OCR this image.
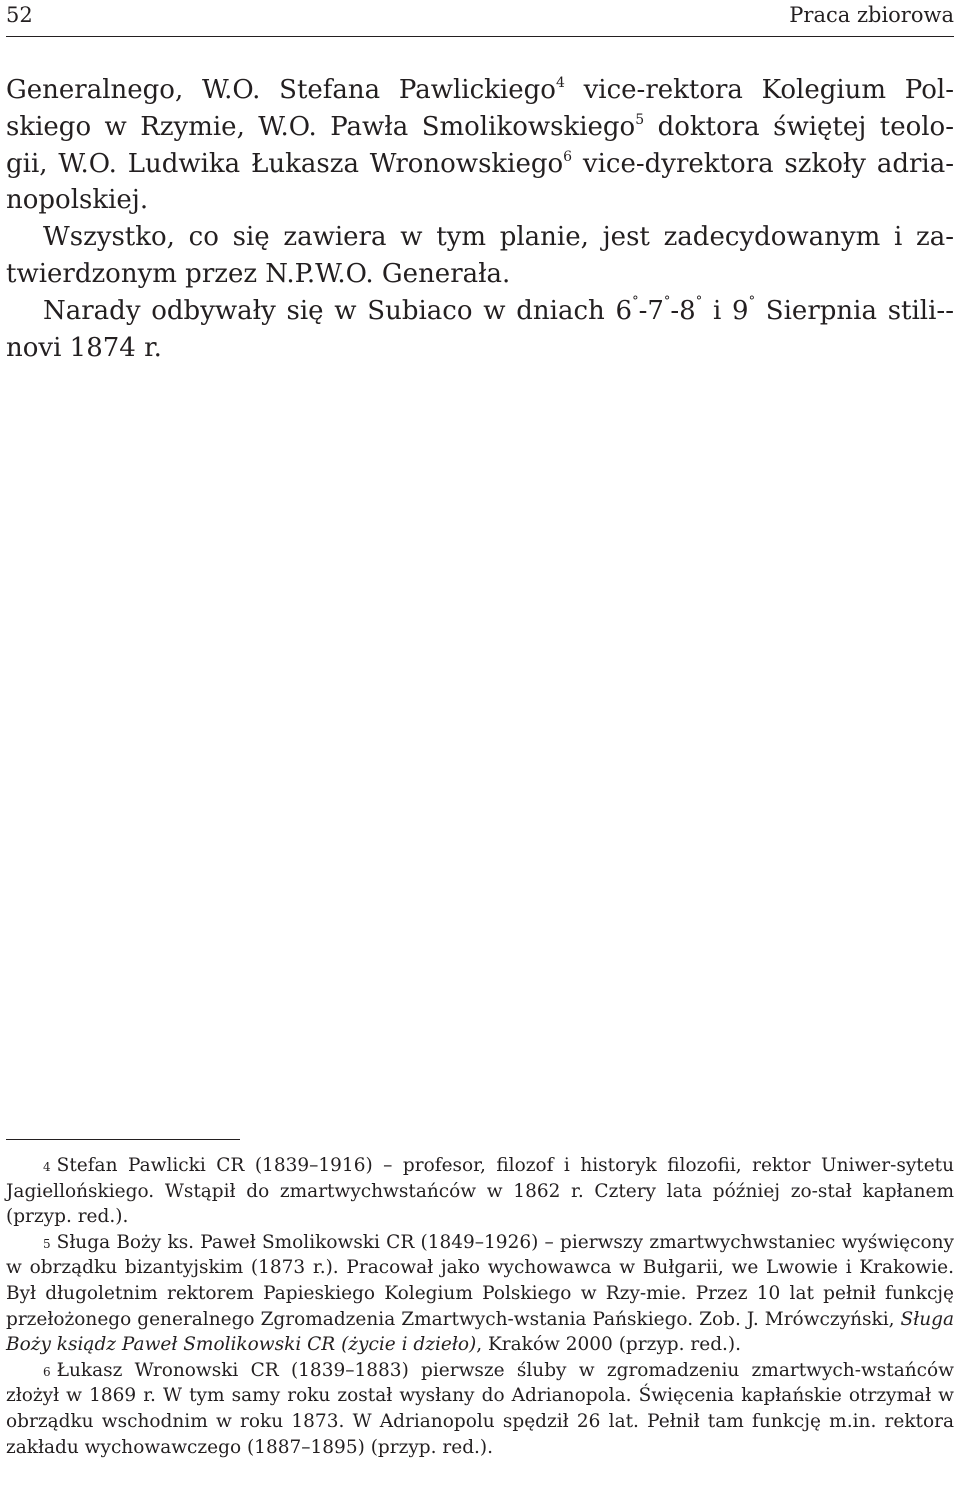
52	Praca zbiorowa

Generalnego, W.O. Stefana Pawlickiego$^4$ vice-rektora Kolegium Pol-skiego w Rzymie, W.O. Pawła Smolikowskiego$^5$ doktora świętej teolo-gii, W.O. Ludwika Łukasza Wronowskiego$^6$ vice-dyrektora szkoły adria-nopolskiej.

Wszystko, co się zawiera w tym planie, jest zadecydowanym i za-twierdzonym przez N.P.W.O. Generała.

Narady odbywały się w Subiaco w dniach 6°-7°-8° i 9° Sierpnia stili--novi 1874 r.

$^4$ Stefan Pawlicki CR (1839–1916) – profesor, filozof i historyk filozofii, rektor Uniwer-sytetu Jagiellońskiego. Wstąpił do zmartwychwstańców w 1862 r. Cztery lata później zo-stał kapłanem (przyp. red.).

$^5$ Sługa Boży ks. Paweł Smolikowski CR (1849–1926) – pierwszy zmartwychwstaniec wyświęcony w obrządku bizantyjskim (1873 r.). Pracował jako wychowawca w Bułgarii, we Lwowie i Krakowie. Był długoletnim rektorem Papieskiego Kolegium Polskiego w Rzy-mie. Przez 10 lat pełnił funkcję przełożonego generalnego Zgromadzenia Zmartwych-wstania Pańskiego. Zob. J. Mrówczyński, Sługa Boży ksiądz Paweł Smolikowski CR (życie i dzieło), Kraków 2000 (przyp. red.).

$^6$ Łukasz Wronowski CR (1839–1883) pierwsze śluby w zgromadzeniu zmartwych-wstańców złożył w 1869 r. W tym samy roku został wysłany do Adrianopola. Święcenia kapłańskie otrzymał w obrządku wschodnim w roku 1873. W Adrianopolu spędził 26 lat. Pełnił tam funkcję m.in. rektora zakładu wychowawczego (1887–1895) (przyp. red.).
